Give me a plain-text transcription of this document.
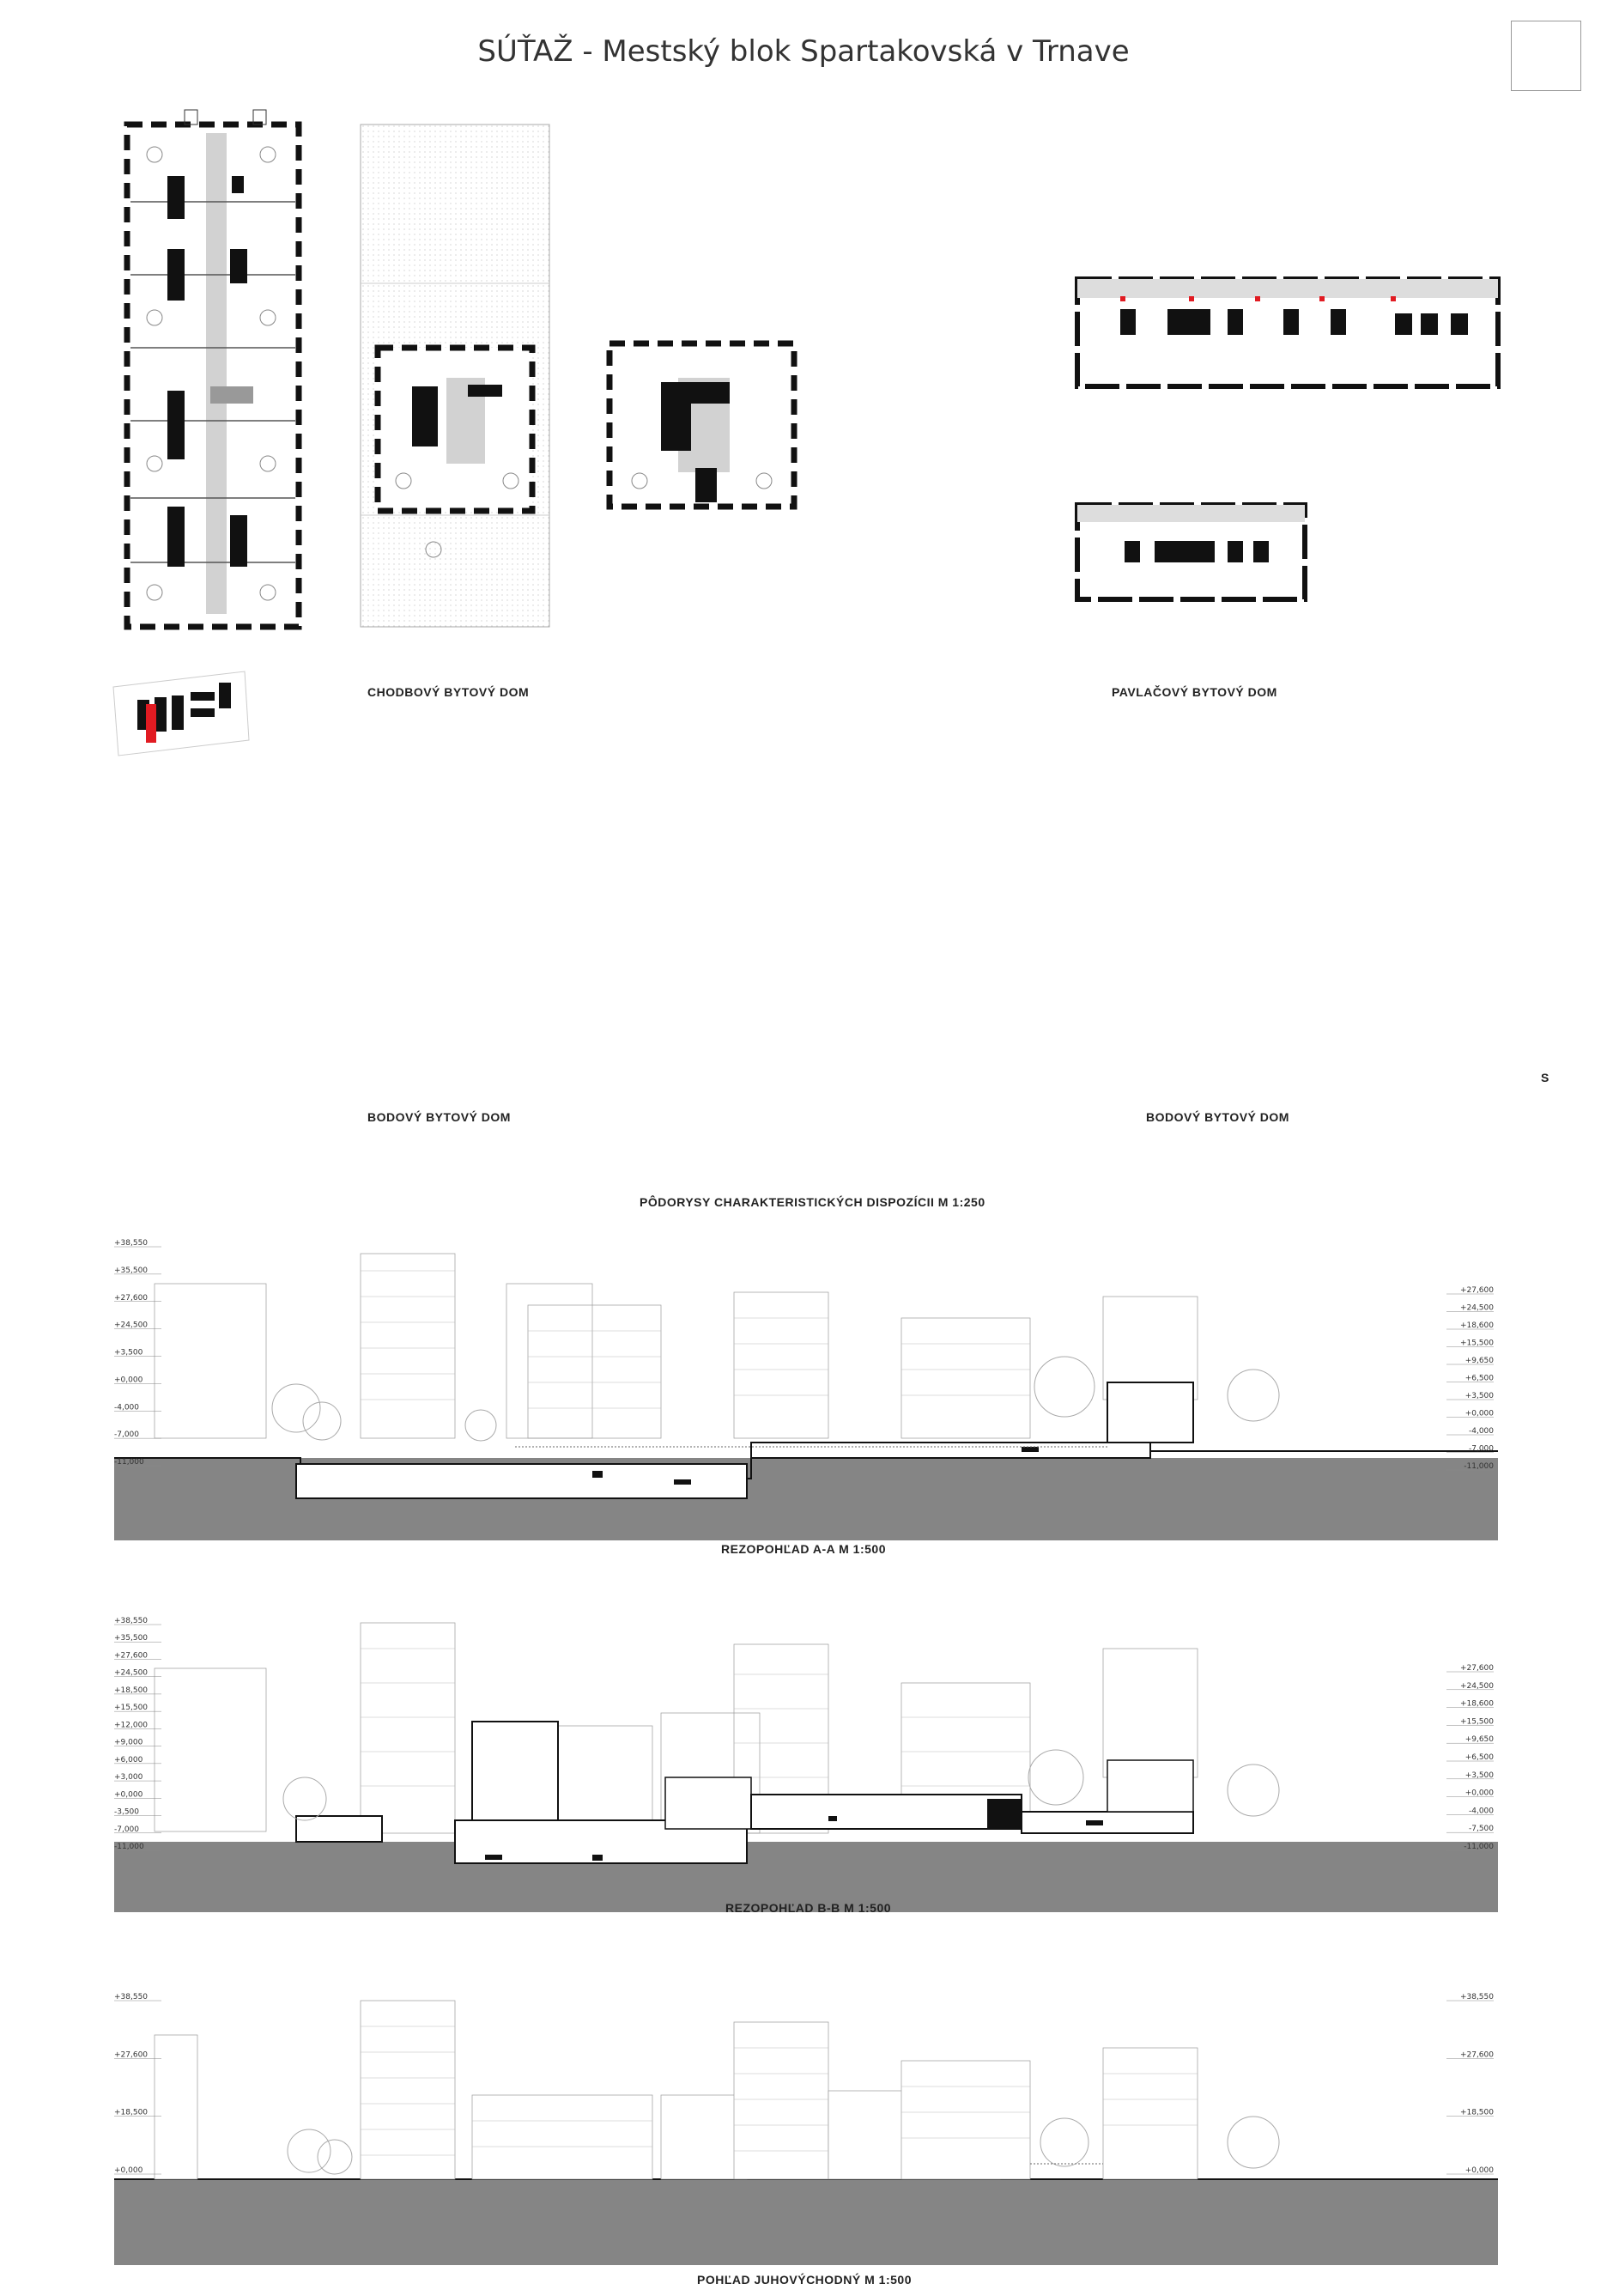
SÚŤAŽ - Mestský blok Spartakovská v Trnave
CHODBOVÝ BYTOVÝ DOM	PAVLAČOVÝ BYTOVÝ DOM
BODOVÝ BYTOVÝ DOM	BODOVÝ BYTOVÝ DOM
S
PÔDORYSY CHARAKTERISTICKÝCH DISPOZÍCII M 1:250
+38,550
+35,500
+27,600
+24,500
+3,500
+0,000
-4,000
-7,000
-11,000
+27,600
+24,500
+18,600
+15,500
+9,650
+6,500
+3,500
+0,000
-4,000
-7,000
-11,000
REZOPOHĽAD A-A M 1:500
+38,550
+35,500
+27,600
+24,500
+18,500
+15,500
+12,000
+9,000
+6,000
+3,000
+0,000
-3,500
-7,000
-11,000
+27,600
+24,500
+18,600
+15,500
+9,650
+6,500
+3,500
+0,000
-4,000
-7,500
-11,000
REZOPOHĽAD B-B M 1:500
+38,550
+27,600
+18,500
+0,000
+38,550
+27,600
+18,500
+0,000
POHĽAD JUHOVÝCHODNÝ M 1:500
